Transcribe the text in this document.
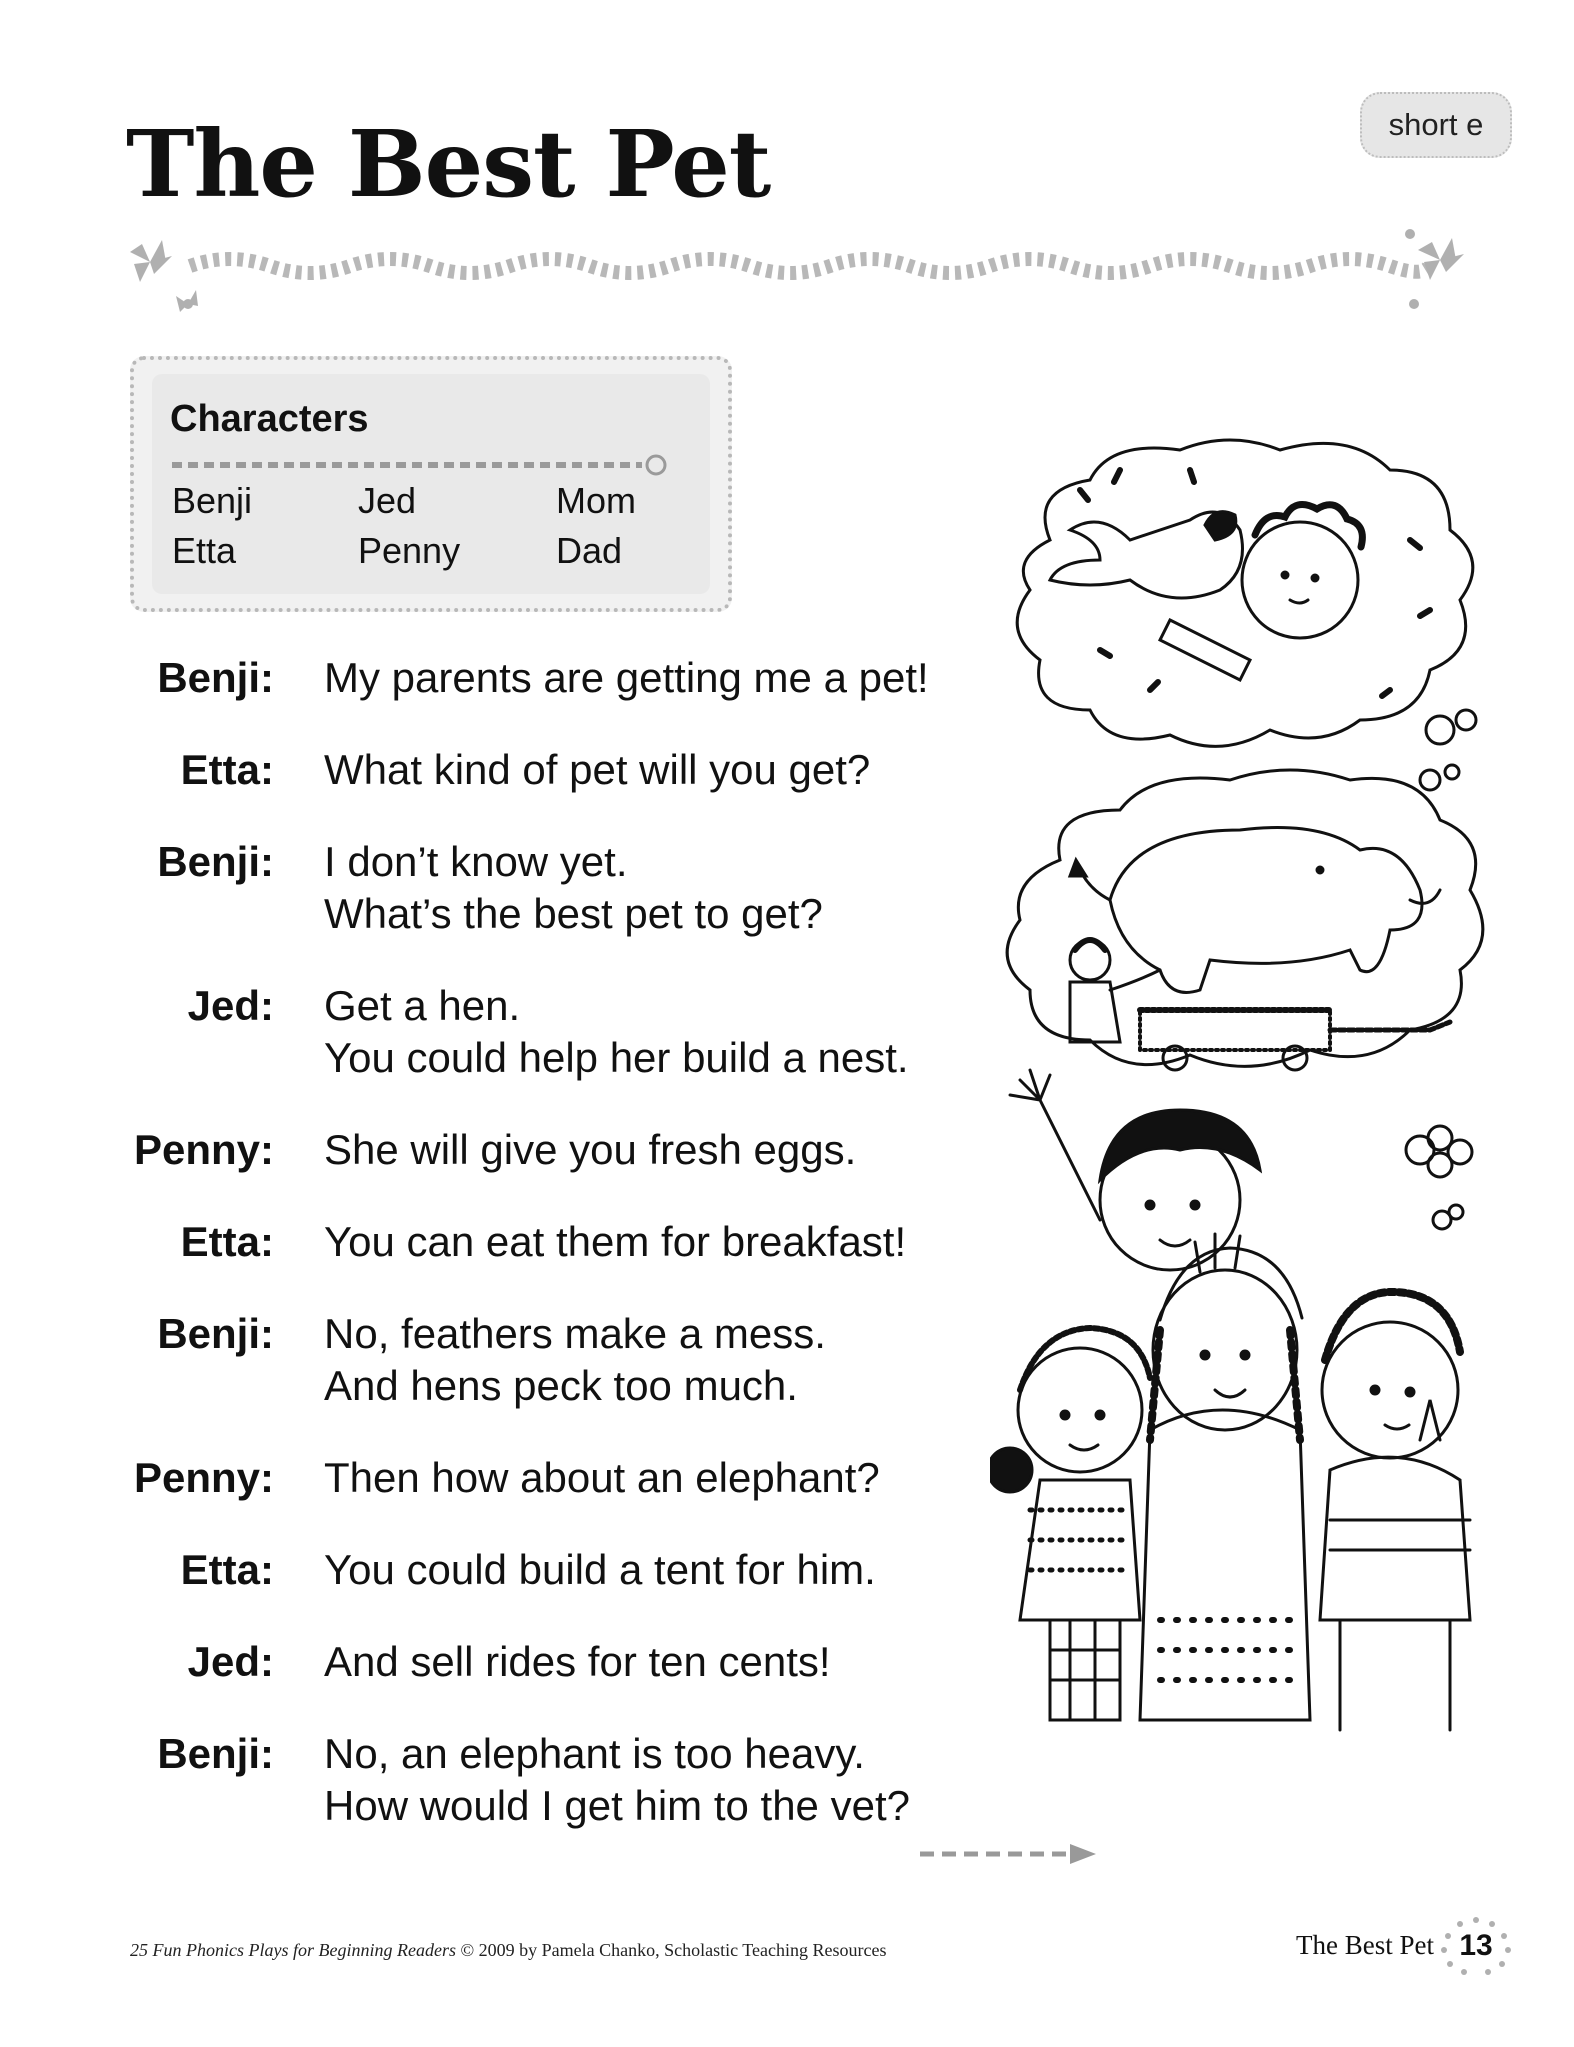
The Best Pet	short e
Characters
Benji	Jed	Mom
Etta	Penny	Dad
Benji: My parents are getting me a pet!
Etta: What kind of pet will you get?
Benji: I don’t know yet.
What’s the best pet to get?
Jed: Get a hen.
You could help her build a nest.
Penny: She will give you fresh eggs.
Etta: You can eat them for breakfast!
Benji: No, feathers make a mess.
And hens peck too much.
Penny: Then how about an elephant?
Etta: You could build a tent for him.
Jed: And sell rides for ten cents!
Benji: No, an elephant is too heavy.
How would I get him to the vet?
25 Fun Phonics Plays for Beginning Readers © 2009 by Pamela Chanko, Scholastic Teaching Resources	The Best Pet 13
